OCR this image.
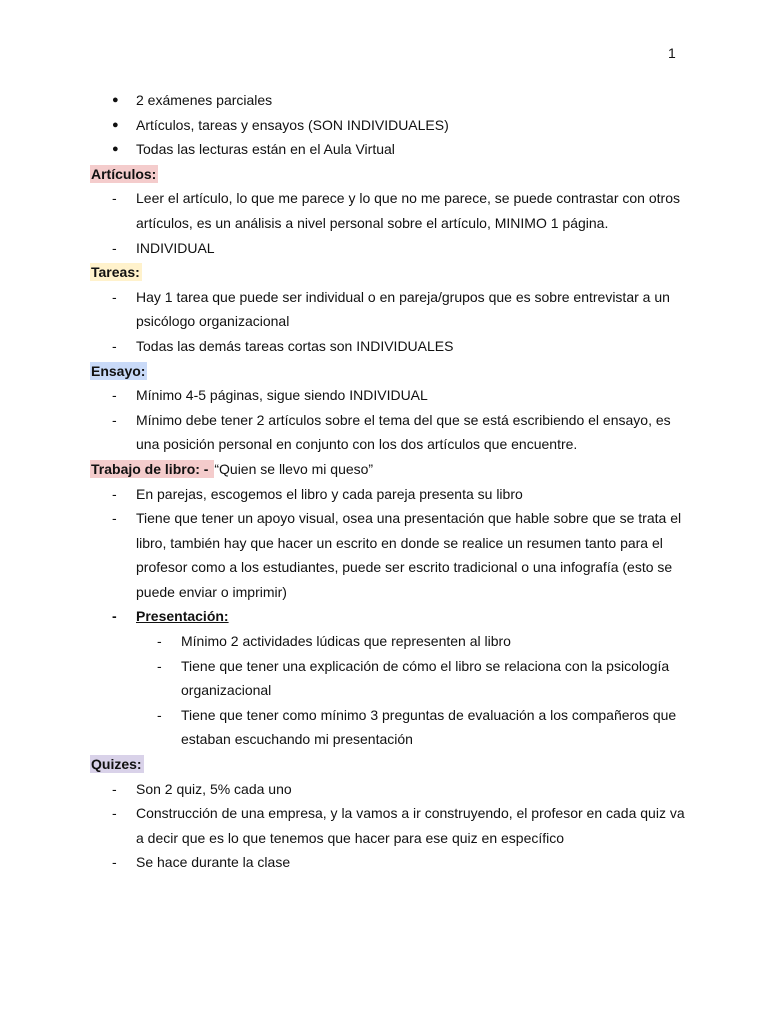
1
●	2 exámenes parciales
●	Artículos, tareas y ensayos (SON INDIVIDUALES)
●	Todas las lecturas están en el Aula Virtual
Artículos:
-	Leer el artículo, lo que me parece y lo que no me parece, se puede contrastar con otros
artículos, es un análisis a nivel personal sobre el artículo, MINIMO 1 página.
-	INDIVIDUAL
Tareas:
-	Hay 1 tarea que puede ser individual o en pareja/grupos que es sobre entrevistar a un
psicólogo organizacional
-	Todas las demás tareas cortas son INDIVIDUALES
Ensayo:
-	Mínimo 4-5 páginas, sigue siendo INDIVIDUAL
-	Mínimo debe tener 2 artículos sobre el tema del que se está escribiendo el ensayo, es
una posición personal en conjunto con los dos artículos que encuentre.
Trabajo de libro: - “Quien se llevo mi queso”
-	En parejas, escogemos el libro y cada pareja presenta su libro
-	Tiene que tener un apoyo visual, osea una presentación que hable sobre que se trata el
libro, también hay que hacer un escrito en donde se realice un resumen tanto para el
profesor como a los estudiantes, puede ser escrito tradicional o una infografía (esto se
puede enviar o imprimir)
-	Presentación:
-	Mínimo 2 actividades lúdicas que representen al libro
-	Tiene que tener una explicación de cómo el libro se relaciona con la psicología
organizacional
-	Tiene que tener como mínimo 3 preguntas de evaluación a los compañeros que
estaban escuchando mi presentación
Quizes:
-	Son 2 quiz, 5% cada uno
-	Construcción de una empresa, y la vamos a ir construyendo, el profesor en cada quiz va
a decir que es lo que tenemos que hacer para ese quiz en específico
-	Se hace durante la clase
